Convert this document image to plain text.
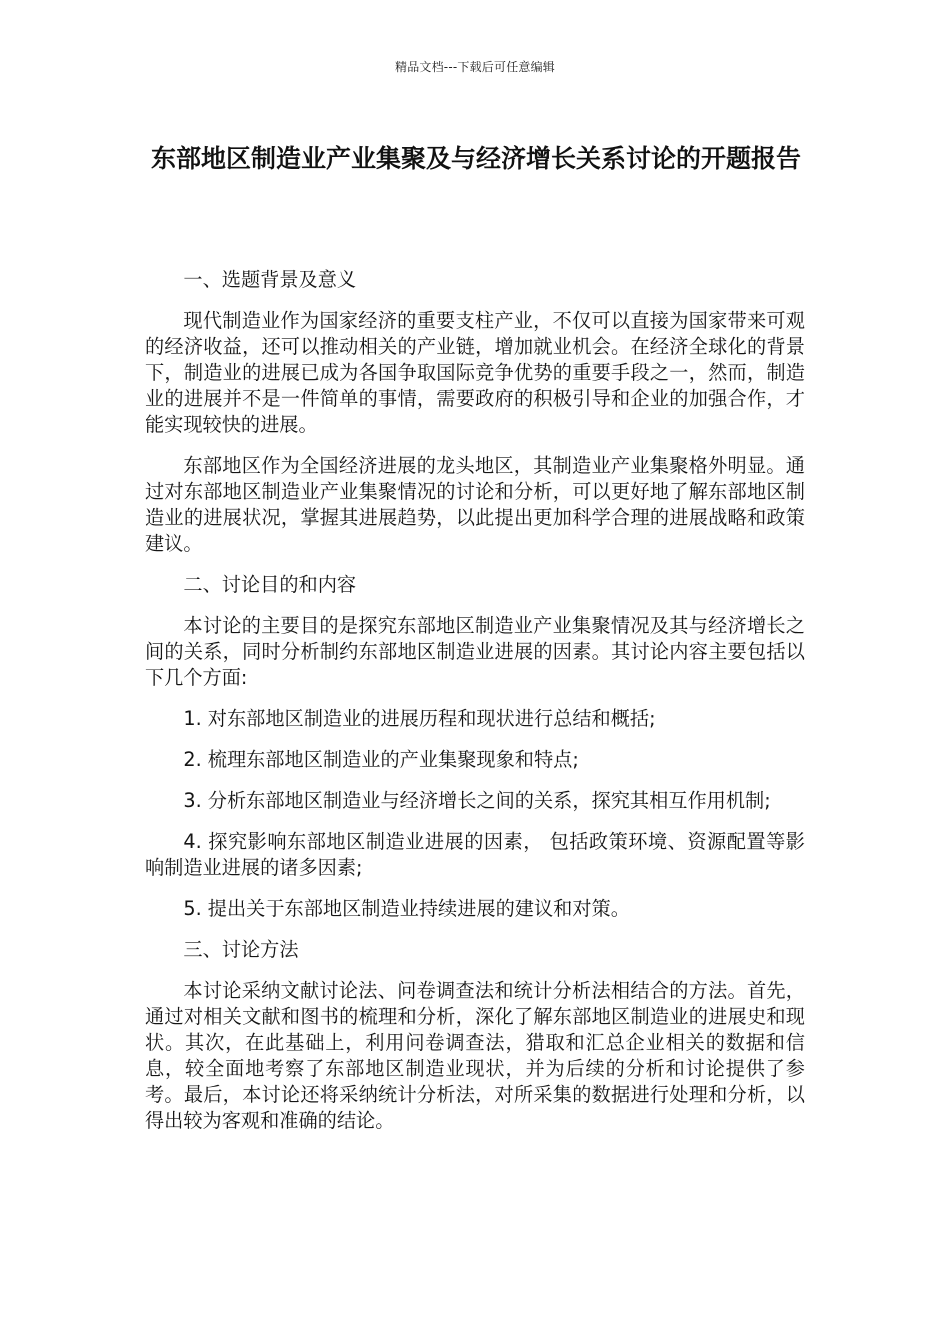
精品文档---下载后可任意编辑
东部地区制造业产业集聚及与经济增长关系讨论的开题报告

一、选题背景及意义

现代制造业作为国家经济的重要支柱产业，不仅可以直接为国家带来可观的经济收益，还可以推动相关的产业链，增加就业机会。在经济全球化的背景下，制造业的进展已成为各国争取国际竞争优势的重要手段之一，然而，制造业的进展并不是一件简单的事情，需要政府的积极引导和企业的加强合作，才能实现较快的进展。

东部地区作为全国经济进展的龙头地区，其制造业产业集聚格外明显。通过对东部地区制造业产业集聚情况的讨论和分析，可以更好地了解东部地区制造业的进展状况，掌握其进展趋势，以此提出更加科学合理的进展战略和政策建议。

二、讨论目的和内容

本讨论的主要目的是探究东部地区制造业产业集聚情况及其与经济增长之间的关系，同时分析制约东部地区制造业进展的因素。其讨论内容主要包括以下几个方面:

1. 对东部地区制造业的进展历程和现状进行总结和概括;

2. 梳理东部地区制造业的产业集聚现象和特点;

3. 分析东部地区制造业与经济增长之间的关系，探究其相互作用机制;

4. 探究影响东部地区制造业进展的因素， 包括政策环境、资源配置等影响制造业进展的诸多因素;

5. 提出关于东部地区制造业持续进展的建议和对策。

三、讨论方法

本讨论采纳文献讨论法、问卷调查法和统计分析法相结合的方法。首先，通过对相关文献和图书的梳理和分析，深化了解东部地区制造业的进展史和现状。其次，在此基础上，利用问卷调查法，猎取和汇总企业相关的数据和信息，较全面地考察了东部地区制造业现状，并为后续的分析和讨论提供了参考。最后，本讨论还将采纳统计分析法，对所采集的数据进行处理和分析，以得出较为客观和准确的结论。
